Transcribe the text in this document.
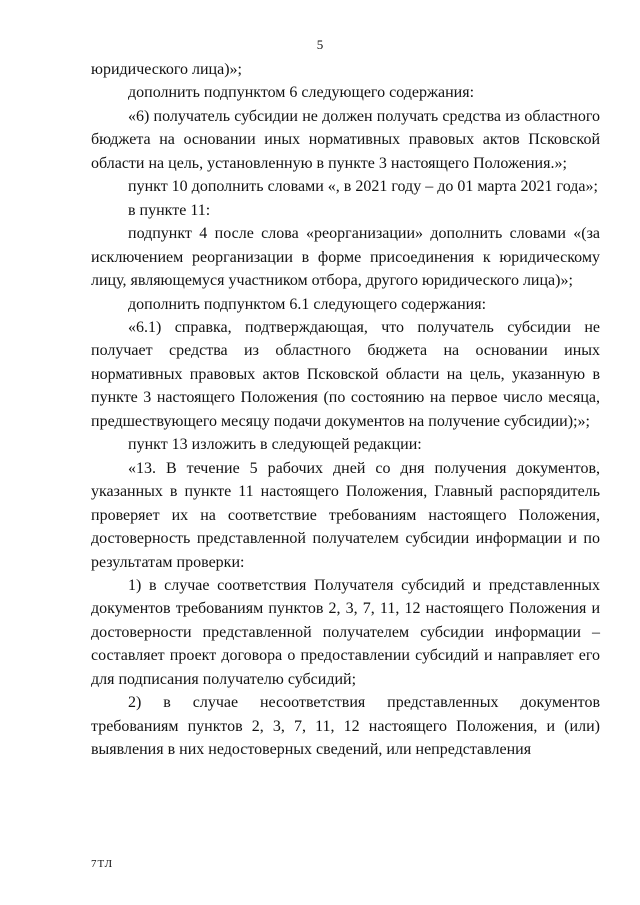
5

юридического лица)»;

дополнить подпунктом 6 следующего содержания:

«6) получатель субсидии не должен получать средства из областного бюджета на основании иных нормативных правовых актов Псковской области на цель, установленную в пункте 3 настоящего Положения.»;

пункт 10 дополнить словами «, в 2021 году – до 01 марта 2021 года»;

в пункте 11:

подпункт 4 после слова «реорганизации» дополнить словами «(за исключением реорганизации в форме присоединения к юридическому лицу, являющемуся участником отбора, другого юридического лица)»;

дополнить подпунктом 6.1 следующего содержания:

«6.1) справка, подтверждающая, что получатель субсидии не получает средства из областного бюджета на основании иных нормативных правовых актов Псковской области на цель, указанную в пункте 3 настоящего Положения (по состоянию на первое число месяца, предшествующего месяцу подачи документов на получение субсидии);»;

пункт 13 изложить в следующей редакции:

«13. В течение 5 рабочих дней со дня получения документов, указанных в пункте 11 настоящего Положения, Главный распорядитель проверяет их на соответствие требованиям настоящего Положения, достоверность представленной получателем субсидии информации и по результатам проверки:

1) в случае соответствия Получателя субсидий и представленных документов требованиям пунктов 2, 3, 7, 11, 12 настоящего Положения и достоверности представленной получателем субсидии информации – составляет проект договора о предоставлении субсидий и направляет его для подписания получателю субсидий;

2) в случае несоответствия представленных документов требованиям пунктов 2, 3, 7, 11, 12 настоящего Положения, и (или) выявления в них недостоверных сведений, или непредставления

7ТЛ
